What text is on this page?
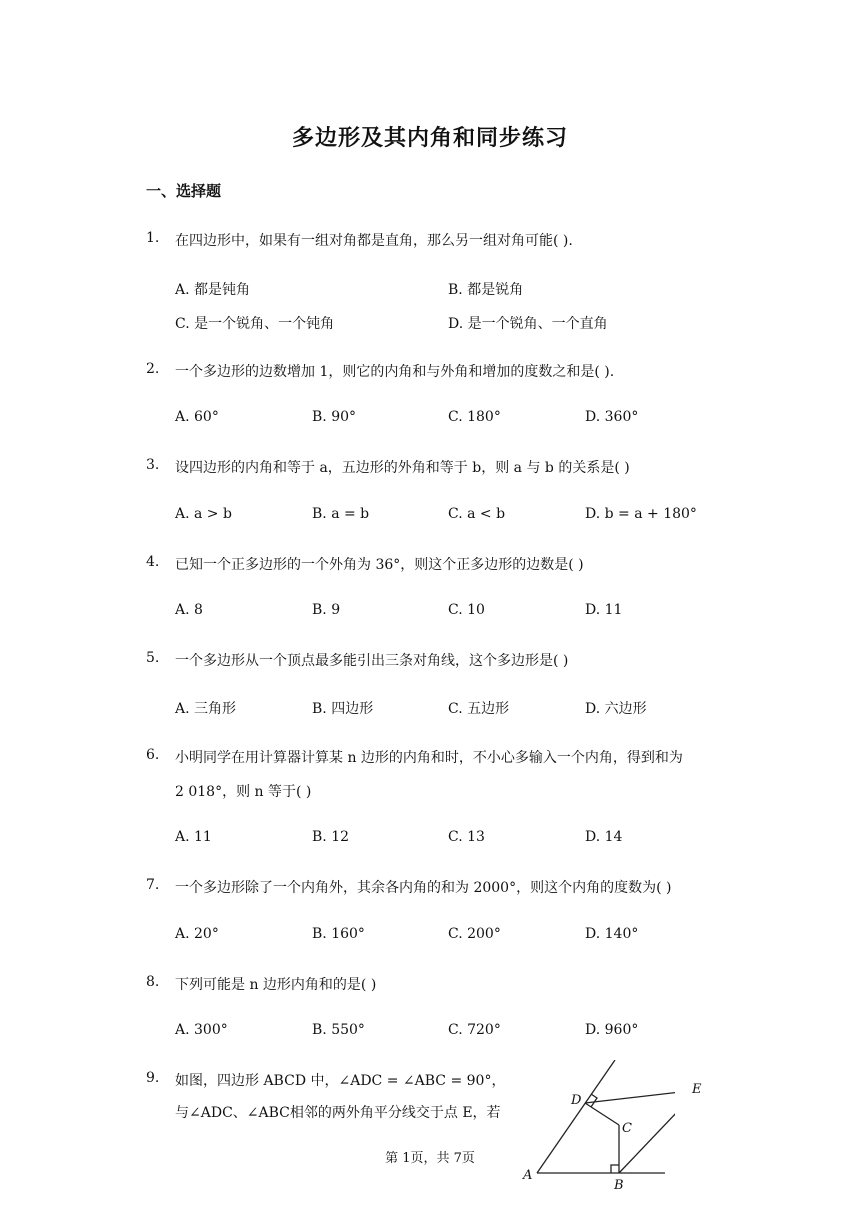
多边形及其内角和同步练习
一、选择题
1. 在四边形中，如果有一组对角都是直角，那么另一组对角可能( ).
A. 都是钝角	B. 都是锐角
C. 是一个锐角、一个钝角	D. 是一个锐角、一个直角
2. 一个多边形的边数增加 1，则它的内角和与外角和增加的度数之和是( ).
A. 60°	B. 90°	C. 180°	D. 360°
3. 设四边形的内角和等于 a，五边形的外角和等于 b，则 a 与 b 的关系是( )
A. a > b	B. a = b	C. a < b	D. b = a + 180°
4. 已知一个正多边形的一个外角为 36°，则这个正多边形的边数是( )
A. 8	B. 9	C. 10	D. 11
5. 一个多边形从一个顶点最多能引出三条对角线，这个多边形是( )
A. 三角形	B. 四边形	C. 五边形	D. 六边形
6. 小明同学在用计算器计算某 n 边形的内角和时，不小心多输入一个内角，得到和为
2 018°，则 n 等于( )
A. 11	B. 12	C. 13	D. 14
7. 一个多边形除了一个内角外，其余各内角的和为 2000°，则这个内角的度数为( )
A. 20°	B. 160°	C. 200°	D. 140°
8. 下列可能是 n 边形内角和的是( )
A. 300°	B. 550°	C. 720°	D. 960°
9. 如图，四边形 ABCD 中，∠ADC = ∠ABC = 90°，
与∠ADC、∠ABC相邻的两外角平分线交于点 E，若
A
B
C
D
E
第 1页，共 7页
